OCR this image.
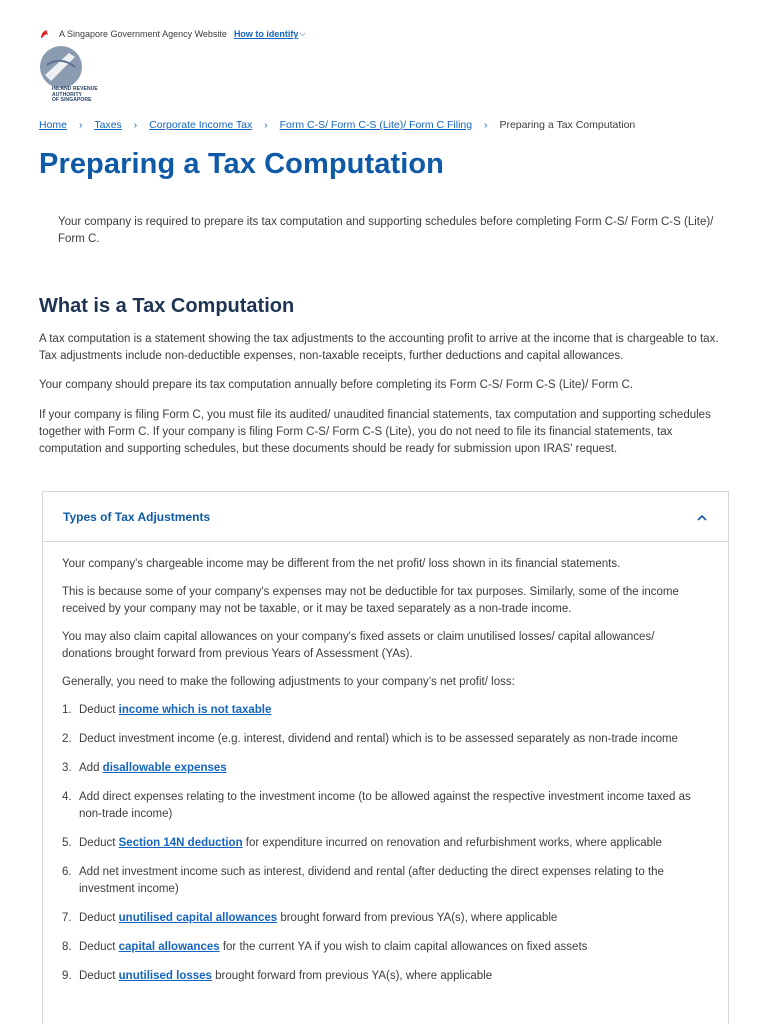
A Singapore Government Agency Website How to identify ⌵
INLAND REVENUE
AUTHORITY
OF SINGAPORE
Home › Taxes › Corporate Income Tax › Form C-S/ Form C-S (Lite)/ Form C Filing › Preparing a Tax Computation
Preparing a Tax Computation

Your company is required to prepare its tax computation and supporting schedules before completing Form C-S/ Form C-S (Lite)/ Form C.

What is a Tax Computation

A tax computation is a statement showing the tax adjustments to the accounting profit to arrive at the income that is chargeable to tax. Tax adjustments include non-deductible expenses, non-taxable receipts, further deductions and capital allowances.

Your company should prepare its tax computation annually before completing its Form C-S/ Form C-S (Lite)/ Form C.

If your company is filing Form C, you must file its audited/ unaudited financial statements, tax computation and supporting schedules together with Form C. If your company is filing Form C-S/ Form C-S (Lite), you do not need to file its financial statements, tax computation and supporting schedules, but these documents should be ready for submission upon IRAS' request.

Types of Tax Adjustments

Your company's chargeable income may be different from the net profit/ loss shown in its financial statements.

This is because some of your company's expenses may not be deductible for tax purposes. Similarly, some of the income received by your company may not be taxable, or it may be taxed separately as a non-trade income.

You may also claim capital allowances on your company's fixed assets or claim unutilised losses/ capital allowances/ donations brought forward from previous Years of Assessment (YAs).

Generally, you need to make the following adjustments to your company’s net profit/ loss:

1. Deduct income which is not taxable
2. Deduct investment income (e.g. interest, dividend and rental) which is to be assessed separately as non-trade income
3. Add disallowable expenses
4. Add direct expenses relating to the investment income (to be allowed against the respective investment income taxed as non-trade income)
5. Deduct Section 14N deduction for expenditure incurred on renovation and refurbishment works, where applicable
6. Add net investment income such as interest, dividend and rental (after deducting the direct expenses relating to the investment income)
7. Deduct unutilised capital allowances brought forward from previous YA(s), where applicable
8. Deduct capital allowances for the current YA if you wish to claim capital allowances on fixed assets
9. Deduct unutilised losses brought forward from previous YA(s), where applicable
